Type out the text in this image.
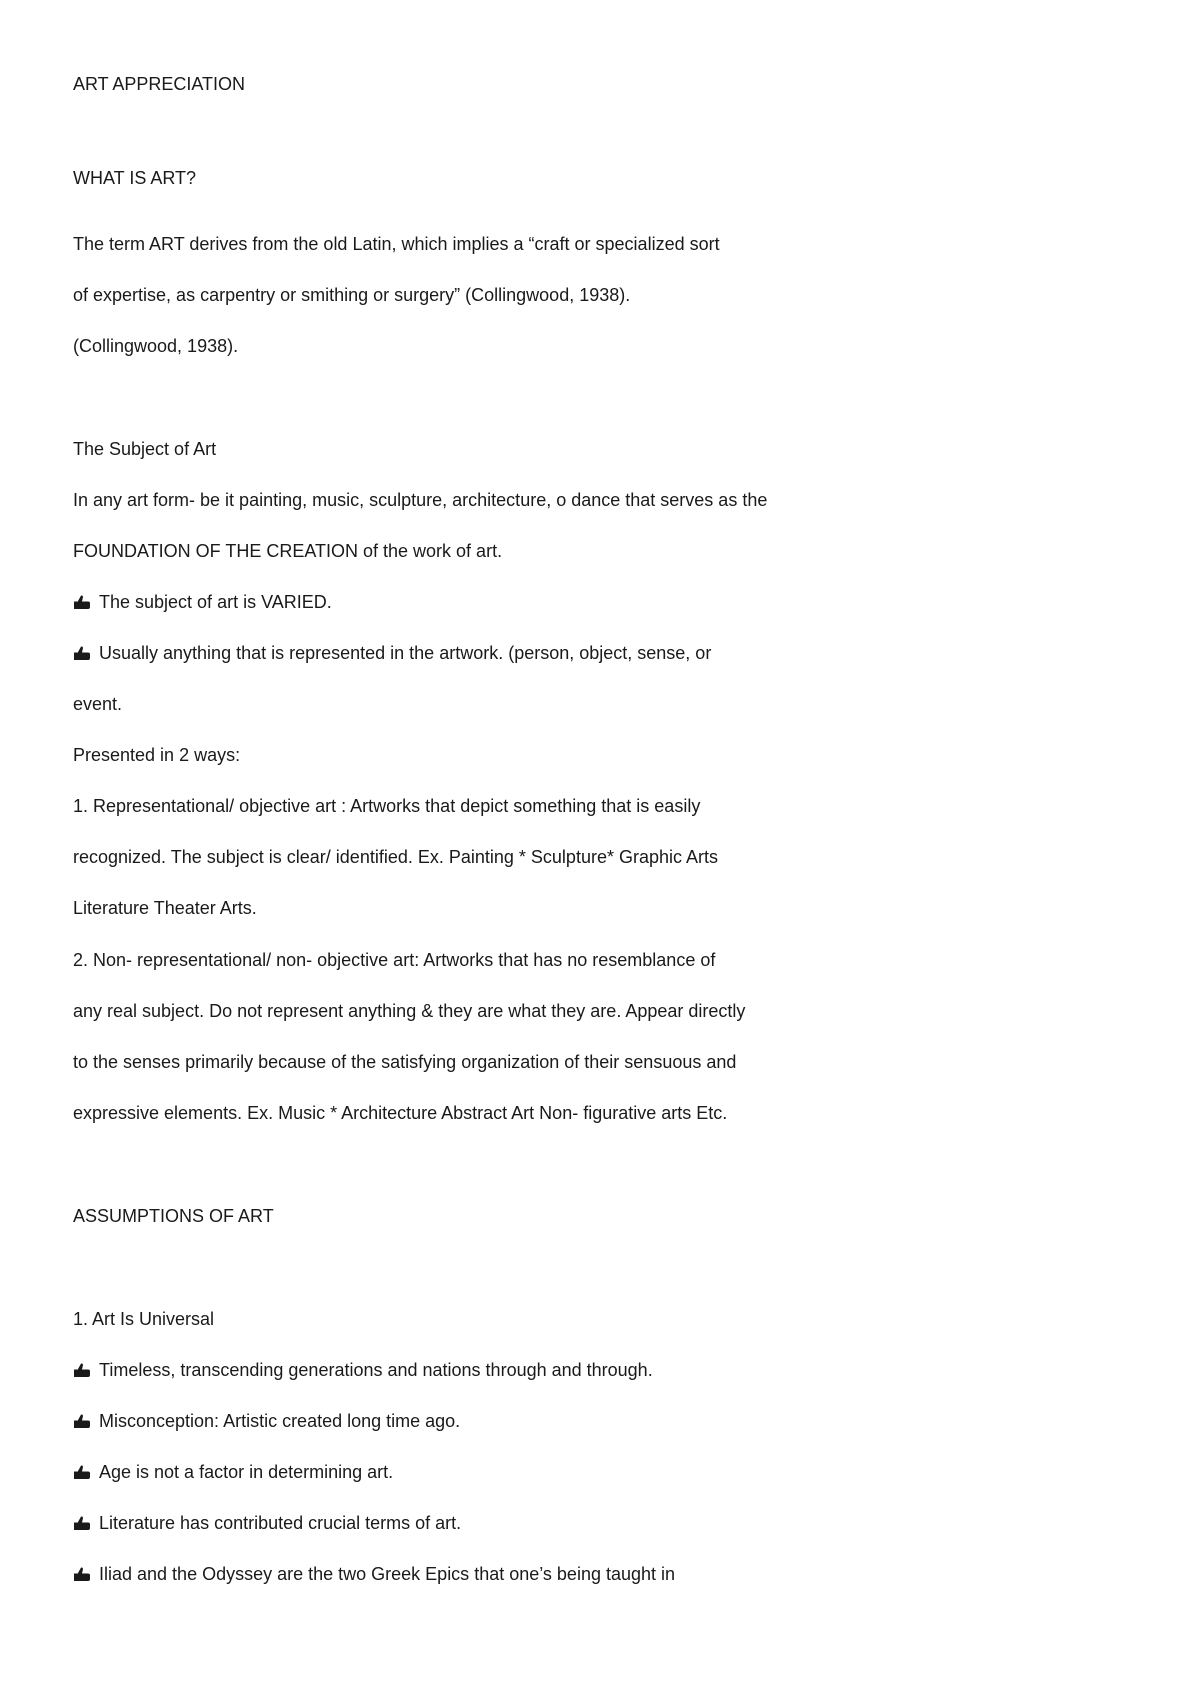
ART APPRECIATION
WHAT IS ART?
The term ART derives from the old Latin, which implies a “craft or specialized sort
of expertise, as carpentry or smithing or surgery” (Collingwood, 1938).
(Collingwood, 1938).
The Subject of Art
In any art form- be it painting, music, sculpture, architecture, o dance that serves as the
FOUNDATION OF THE CREATION of the work of art.
The subject of art is VARIED.
Usually anything that is represented in the artwork. (person, object, sense, or
event.
Presented in 2 ways:
1. Representational/ objective art : Artworks that depict something that is easily
recognized. The subject is clear/ identified. Ex. Painting * Sculpture* Graphic Arts
Literature Theater Arts.
2. Non- representational/ non- objective art: Artworks that has no resemblance of
any real subject. Do not represent anything & they are what they are. Appear directly
to the senses primarily because of the satisfying organization of their sensuous and
expressive elements. Ex. Music * Architecture Abstract Art Non- figurative arts Etc.
ASSUMPTIONS OF ART
1. Art Is Universal
Timeless, transcending generations and nations through and through.
Misconception: Artistic created long time ago.
Age is not a factor in determining art.
Literature has contributed crucial terms of art.
Iliad and the Odyssey are the two Greek Epics that one’s being taught in
